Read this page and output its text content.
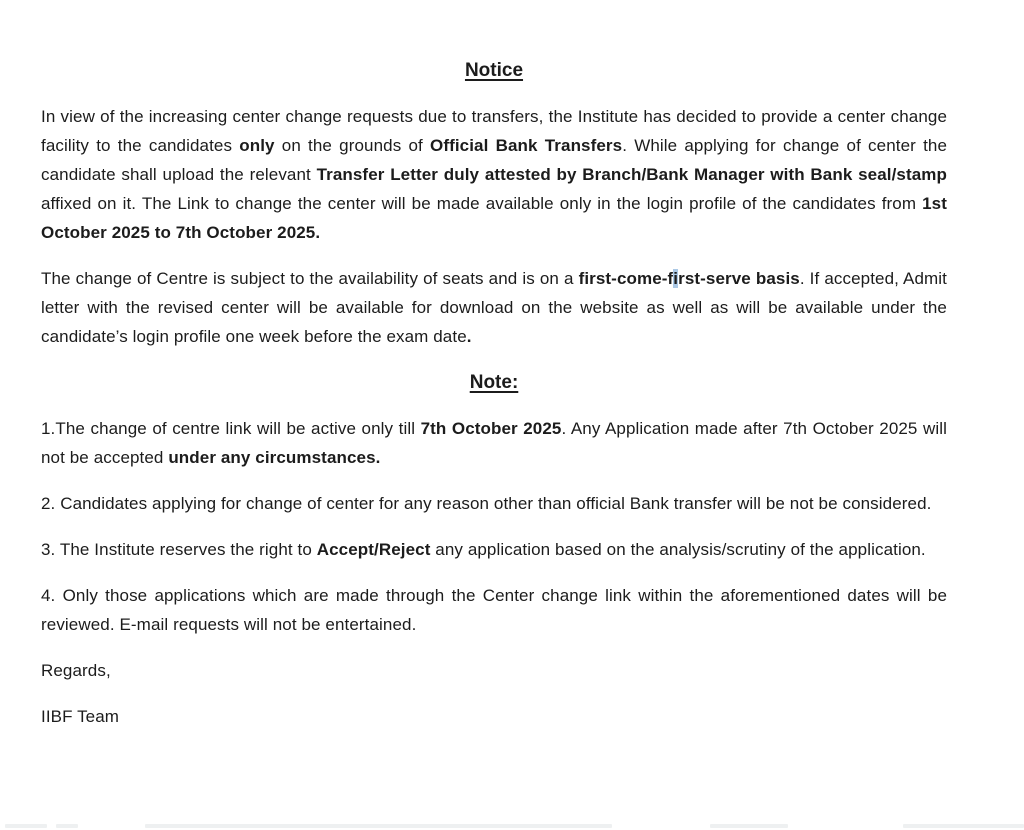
Notice

In view of the increasing center change requests due to transfers, the Institute has decided to provide a center change facility to the candidates only on the grounds of Official Bank Transfers. While applying for change of center the candidate shall upload the relevant Transfer Letter duly attested by Branch/Bank Manager with Bank seal/stamp affixed on it. The Link to change the center will be made available only in the login profile of the candidates from 1st October 2025 to 7th October 2025.

The change of Centre is subject to the availability of seats and is on a first-come-first-serve basis. If accepted, Admit letter with the revised center will be available for download on the website as well as will be available under the candidate’s login profile one week before the exam date.

Note:

1.The change of centre link will be active only till 7th October 2025. Any Application made after 7th October 2025 will not be accepted under any circumstances.

2. Candidates applying for change of center for any reason other than official Bank transfer will be not be considered.

3. The Institute reserves the right to Accept/Reject any application based on the analysis/scrutiny of the application.

4. Only those applications which are made through the Center change link within the aforementioned dates will be reviewed. E-mail requests will not be entertained.

Regards,

IIBF Team
